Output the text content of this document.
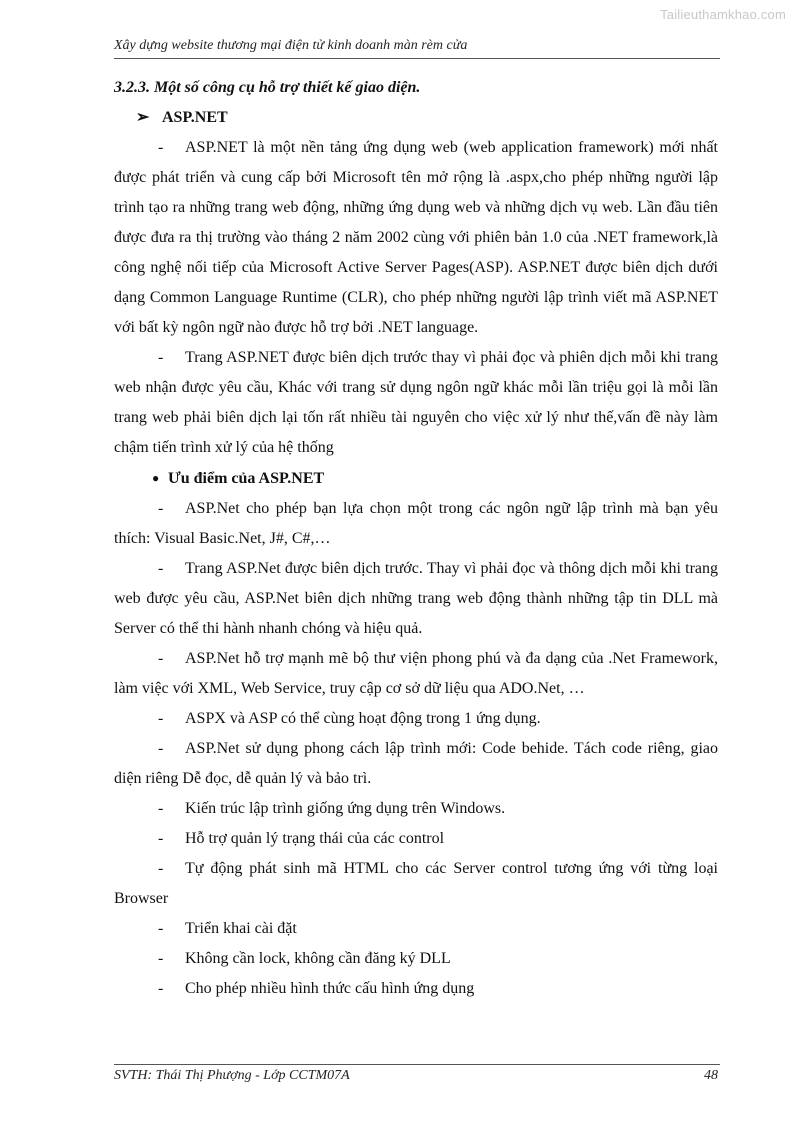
Tailieuthamkhao.com
Xây dựng website thương mại điện tử kinh doanh màn rèm cửa

3.2.3. Một số công cụ hỗ trợ thiết kế giao diện.

➢ ASP.NET

- ASP.NET là một nền tảng ứng dụng web (web application framework) mới nhất được phát triển và cung cấp bởi Microsoft tên mở rộng là .aspx,cho phép những người lập trình tạo ra những trang web động, những ứng dụng web và những dịch vụ web. Lần đầu tiên được đưa ra thị trường vào tháng 2 năm 2002 cùng với phiên bản 1.0 của .NET framework,là công nghệ nối tiếp của Microsoft Active Server Pages(ASP). ASP.NET được biên dịch dưới dạng Common Language Runtime (CLR), cho phép những người lập trình viết mã ASP.NET với bất kỳ ngôn ngữ nào được hỗ trợ bởi .NET language.

- Trang ASP.NET được biên dịch trước thay vì phải đọc và phiên dịch mỗi khi trang web nhận được yêu cầu, Khác với trang sử dụng ngôn ngữ khác mỗi lần triệu gọi là mỗi lần trang web phải biên dịch lại tốn rất nhiều tài nguyên cho việc xử lý như thế,vấn đề này làm chậm tiến trình xử lý của hệ thống

● Ưu điểm của ASP.NET

- ASP.Net cho phép bạn lựa chọn một trong các ngôn ngữ lập trình mà bạn yêu thích: Visual Basic.Net, J#, C#,…

- Trang ASP.Net được biên dịch trước. Thay vì phải đọc và thông dịch mỗi khi trang web được yêu cầu, ASP.Net biên dịch những trang web động thành những tập tin DLL mà Server có thể thi hành nhanh chóng và hiệu quả.

- ASP.Net hỗ trợ mạnh mẽ bộ thư viện phong phú và đa dạng của .Net Framework, làm việc với XML, Web Service, truy cập cơ sở dữ liệu qua ADO.Net, …

- ASPX và ASP có thể cùng hoạt động trong 1 ứng dụng.

- ASP.Net sử dụng phong cách lập trình mới: Code behide. Tách code riêng, giao diện riêng Dễ đọc, dễ quản lý và bảo trì.

- Kiến trúc lập trình giống ứng dụng trên Windows.

- Hỗ trợ quản lý trạng thái của các control

- Tự động phát sinh mã HTML cho các Server control tương ứng với từng loại Browser

- Triển khai cài đặt

- Không cần lock, không cần đăng ký DLL

- Cho phép nhiều hình thức cấu hình ứng dụng

SVTH: Thái Thị Phượng - Lớp CCTM07A	48
